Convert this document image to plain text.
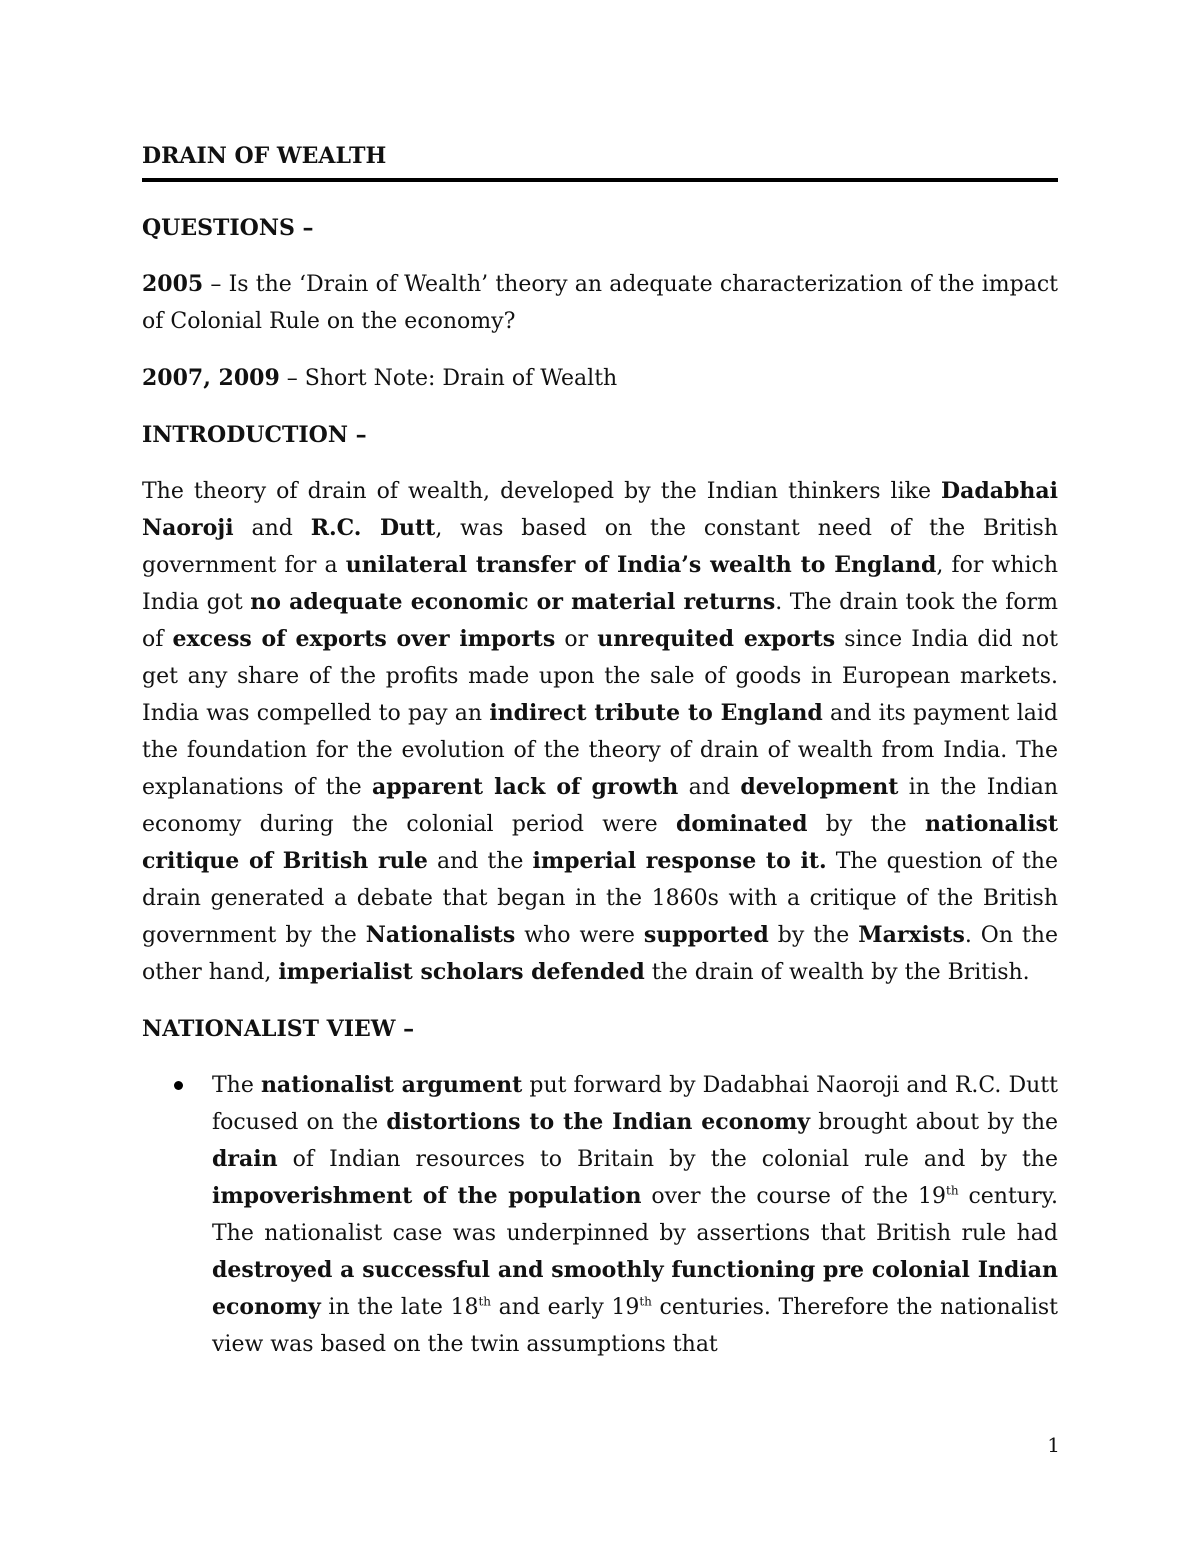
DRAIN OF WEALTH
QUESTIONS –

2005 – Is the ‘Drain of Wealth’ theory an adequate characterization of the impact of Colonial Rule on the economy?

2007, 2009 – Short Note: Drain of Wealth

INTRODUCTION –

The theory of drain of wealth, developed by the Indian thinkers like Dadabhai Naoroji and R.C. Dutt, was based on the constant need of the British government for a unilateral transfer of India’s wealth to England, for which India got no adequate economic or material returns. The drain took the form of excess of exports over imports or unrequited exports since India did not get any share of the profits made upon the sale of goods in European markets. India was compelled to pay an indirect tribute to England and its payment laid the foundation for the evolution of the theory of drain of wealth from India. The explanations of the apparent lack of growth and development in the Indian economy during the colonial period were dominated by the nationalist critique of British rule and the imperial response to it. The question of the drain generated a debate that began in the 1860s with a critique of the British government by the Nationalists who were supported by the Marxists. On the other hand, imperialist scholars defended the drain of wealth by the British.

NATIONALIST VIEW –
The nationalist argument put forward by Dadabhai Naoroji and R.C. Dutt focused on the distortions to the Indian economy brought about by the drain of Indian resources to Britain by the colonial rule and by the impoverishment of the population over the course of the 19th century. The nationalist case was underpinned by assertions that British rule had destroyed a successful and smoothly functioning pre colonial Indian economy in the late 18th and early 19th centuries. Therefore the nationalist view was based on the twin assumptions that
1
